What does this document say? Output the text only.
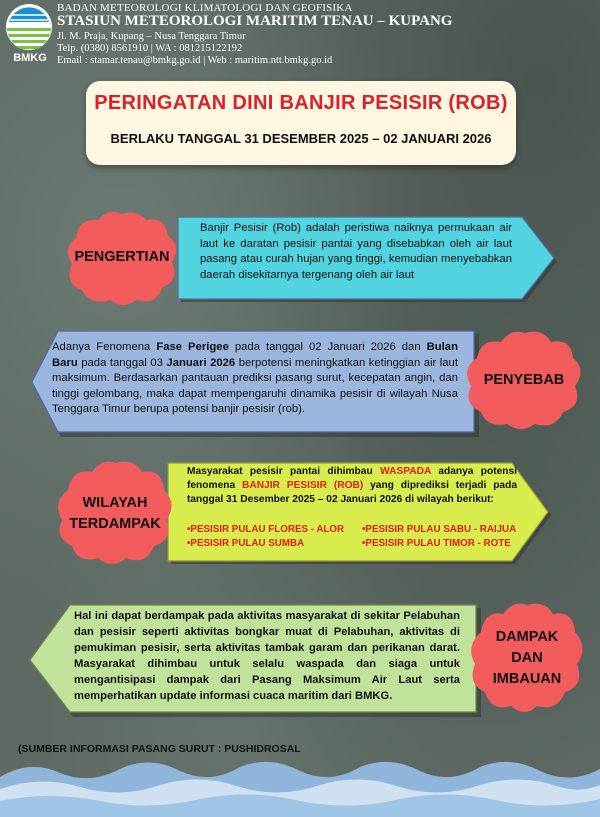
BMKG
BADAN METEOROLOGI KLIMATOLOGI DAN GEOFISIKA
STASIUN METEOROLOGI MARITIM TENAU – KUPANG
Jl. M. Praja, Kupang – Nusa Tenggara Timur
Telp. (0380) 8561910 | WA : 081215122192
Email : stamar.tenau@bmkg.go.id | Web : maritim.ntt.bmkg.go.id
PERINGATAN DINI BANJIR PESISIR (ROB)
BERLAKU TANGGAL 31 DESEMBER 2025 – 02 JANUARI 2026
Banjir Pesisir (Rob) adalah peristiwa naiknya permukaan air laut ke daratan pesisir pantai yang disebabkan oleh air laut pasang atau curah hujan yang tinggi, kemudian menyebabkan daerah disekitarnya tergenang oleh air laut
PENGERTIAN
Adanya Fenomena Fase Perigee pada tanggal 02 Januari 2026 dan Bulan Baru pada tanggal 03 Januari 2026 berpotensi meningkatkan ketinggian air laut maksimum. Berdasarkan pantauan prediksi pasang surut, kecepatan angin, dan tinggi gelombang, maka dapat mempengaruhi dinamika pesisir di wilayah Nusa Tenggara Timur berupa potensi banjir pesisir (rob).
PENYEBAB
Masyarakat pesisir pantai dihimbau WASPADA adanya potensi fenomena BANJIR PESISIR (ROB) yang diprediksi terjadi pada tanggal 31 Desember 2025 – 02 Januari 2026 di wilayah berikut:
•PESISIR PULAU FLORES - ALOR	•PESISIR PULAU SABU - RAIJUA
•PESISIR PULAU SUMBA	•PESISIR PULAU TIMOR - ROTE
WILAYAH
TERDAMPAK
Hal ini dapat berdampak pada aktivitas masyarakat di sekitar Pelabuhan dan pesisir seperti aktivitas bongkar muat di Pelabuhan, aktivitas di pemukiman pesisir, serta aktivitas tambak garam dan perikanan darat. Masyarakat dihimbau untuk selalu waspada dan siaga untuk mengantisipasi dampak dari Pasang Maksimum Air Laut serta memperhatikan update informasi cuaca maritim dari BMKG.
DAMPAK
DAN
IMBAUAN
(SUMBER INFORMASI PASANG SURUT : PUSHIDROSAL
